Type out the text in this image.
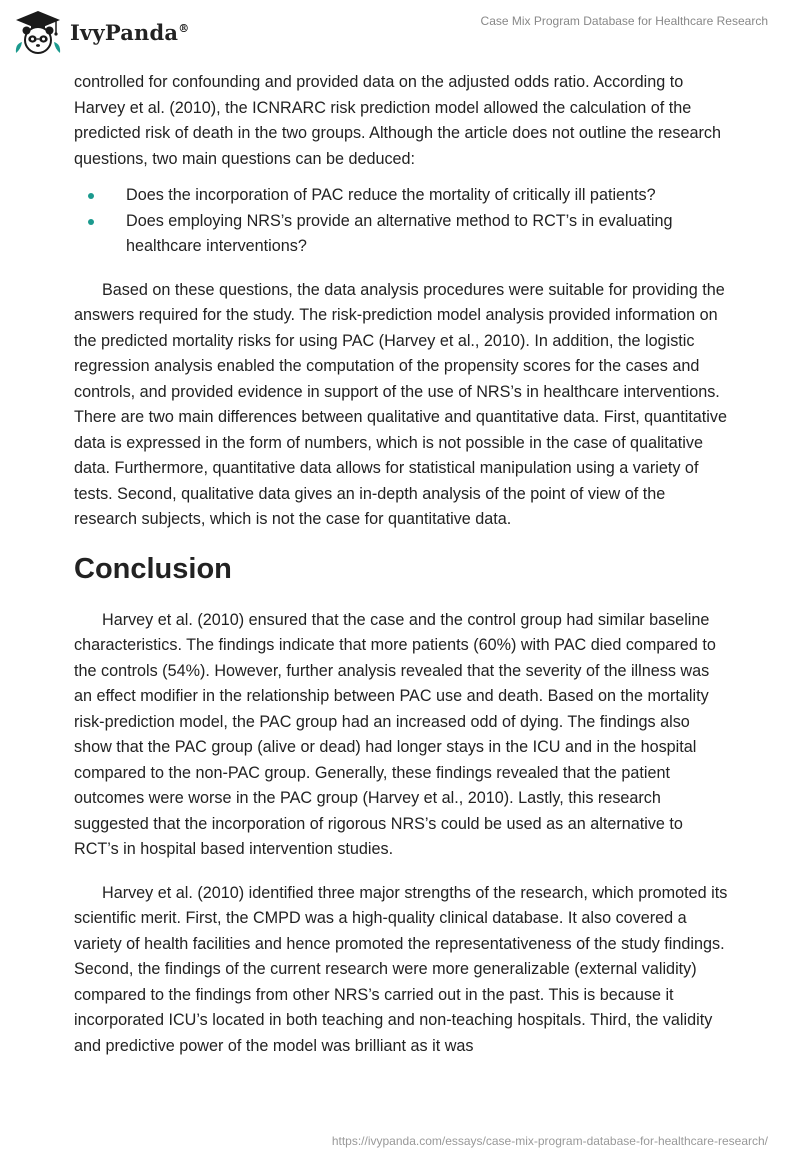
IvyPanda®	Case Mix Program Database for Healthcare Research

controlled for confounding and provided data on the adjusted odds ratio. According to Harvey et al. (2010), the ICNRARC risk prediction model allowed the calculation of the predicted risk of death in the two groups. Although the article does not outline the research questions, two main questions can be deduced:

Does the incorporation of PAC reduce the mortality of critically ill patients?
Does employing NRS’s provide an alternative method to RCT’s in evaluating healthcare interventions?

Based on these questions, the data analysis procedures were suitable for providing the answers required for the study. The risk-prediction model analysis provided information on the predicted mortality risks for using PAC (Harvey et al., 2010). In addition, the logistic regression analysis enabled the computation of the propensity scores for the cases and controls, and provided evidence in support of the use of NRS’s in healthcare interventions. There are two main differences between qualitative and quantitative data. First, quantitative data is expressed in the form of numbers, which is not possible in the case of qualitative data. Furthermore, quantitative data allows for statistical manipulation using a variety of tests. Second, qualitative data gives an in-depth analysis of the point of view of the research subjects, which is not the case for quantitative data.

Conclusion

Harvey et al. (2010) ensured that the case and the control group had similar baseline characteristics. The findings indicate that more patients (60%) with PAC died compared to the controls (54%). However, further analysis revealed that the severity of the illness was an effect modifier in the relationship between PAC use and death. Based on the mortality risk-prediction model, the PAC group had an increased odd of dying. The findings also show that the PAC group (alive or dead) had longer stays in the ICU and in the hospital compared to the non-PAC group. Generally, these findings revealed that the patient outcomes were worse in the PAC group (Harvey et al., 2010). Lastly, this research suggested that the incorporation of rigorous NRS’s could be used as an alternative to RCT’s in hospital based intervention studies.

Harvey et al. (2010) identified three major strengths of the research, which promoted its scientific merit. First, the CMPD was a high-quality clinical database. It also covered a variety of health facilities and hence promoted the representativeness of the study findings. Second, the findings of the current research were more generalizable (external validity) compared to the findings from other NRS’s carried out in the past. This is because it incorporated ICU’s located in both teaching and non-teaching hospitals. Third, the validity and predictive power of the model was brilliant as it was

https://ivypanda.com/essays/case-mix-program-database-for-healthcare-research/
